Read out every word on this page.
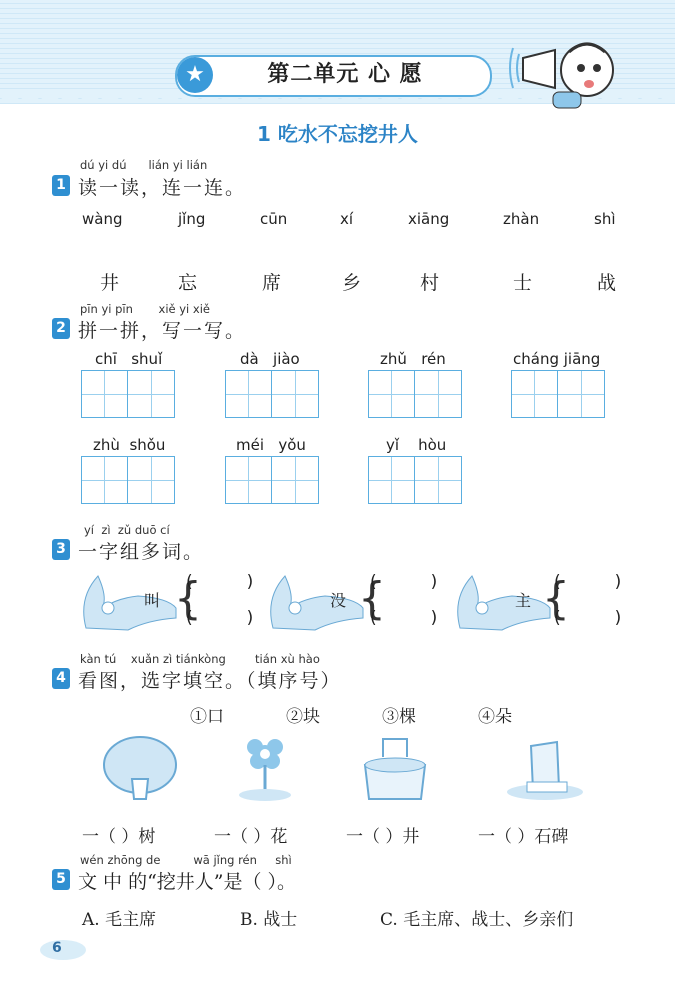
★	第二单元 心 愿
1 吃水不忘挖井人
dú yi dú lián yi lián
1 读一读，连一连。
wàng	jǐng	cūn	xí	xiāng	zhàn	shì
井	忘	席	乡	村	士	战
pīn yi pīn xiě yi xiě
2 拼一拼，写一写。
chī shuǐ	dà jiào	zhǔ rén	cháng jiāng
zhù shǒu	méi yǒu	yǐ hòu
yí zì zǔ duō cí
3 一字组多词。
叫 {
(          )
(          )
没 {
(          )
(          )
主 {
(          )
(          )
kàn tú xuǎn zì tiánkòng	tián xù hào
4 看图，选字填空。（填序号）
①口	②块	③棵	④朵
一（ ）树	一（ ）花	一（ ）井	一（ ）石碑
wén zhōng de	wā jǐng rén shì
5 文 中 的“挖井人”是（ ）。
A. 毛主席	B. 战士	C. 毛主席、战士、乡亲们
6
